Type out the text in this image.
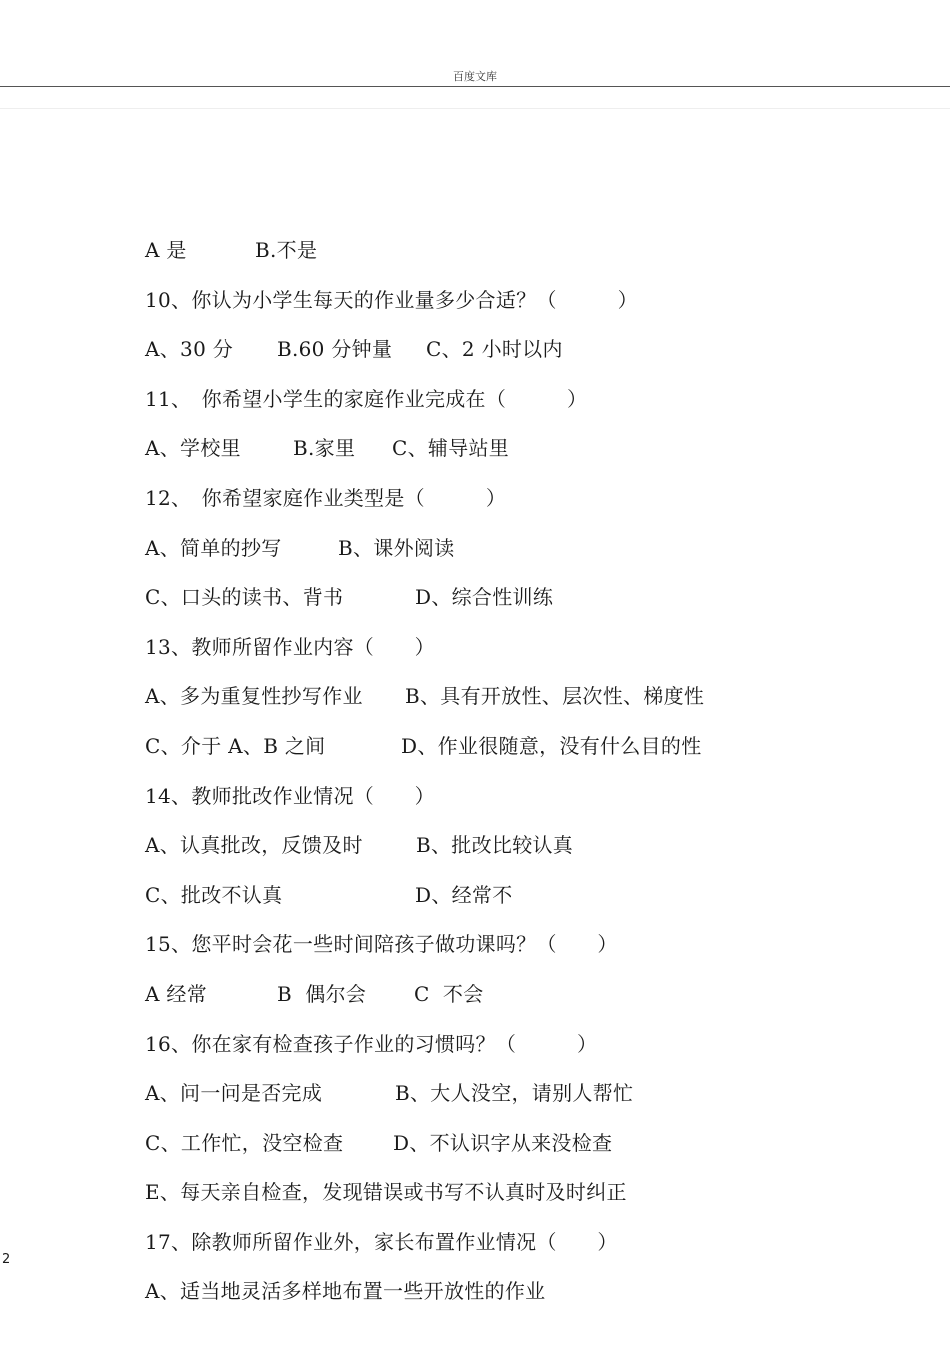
百度文库
2
A 是	B.不是
10、你认为小学生每天的作业量多少合适？（　　　）
A、30 分 B.60 分钟量 C、2 小时以内
11、　你希望小学生的家庭作业完成在（　　　）
A、学校里	B.家里 C、辅导站里
12、　你希望家庭作业类型是（　　　）
A、简单的抄写	B、课外阅读
C、口头的读书、背书	D、综合性训练
13、教师所留作业内容（　　）
A、多为重复性抄写作业 B、具有开放性、层次性、梯度性
C、介于 A、B 之间	D、作业很随意，没有什么目的性
14、教师批改作业情况（　　）
A、认真批改，反馈及时	B、批改比较认真
C、批改不认真	D、经常不
15、您平时会花一些时间陪孩子做功课吗？（　　）
A 经常	B  偶尔会 C  不会
16、你在家有检查孩子作业的习惯吗？（　　　）
A、问一问是否完成	B、大人没空，请别人帮忙
C、工作忙，没空检查 D、不认识字从来没检查
E、每天亲自检查，发现错误或书写不认真时及时纠正
17、除教师所留作业外，家长布置作业情况（　　）
A、适当地灵活多样地布置一些开放性的作业
